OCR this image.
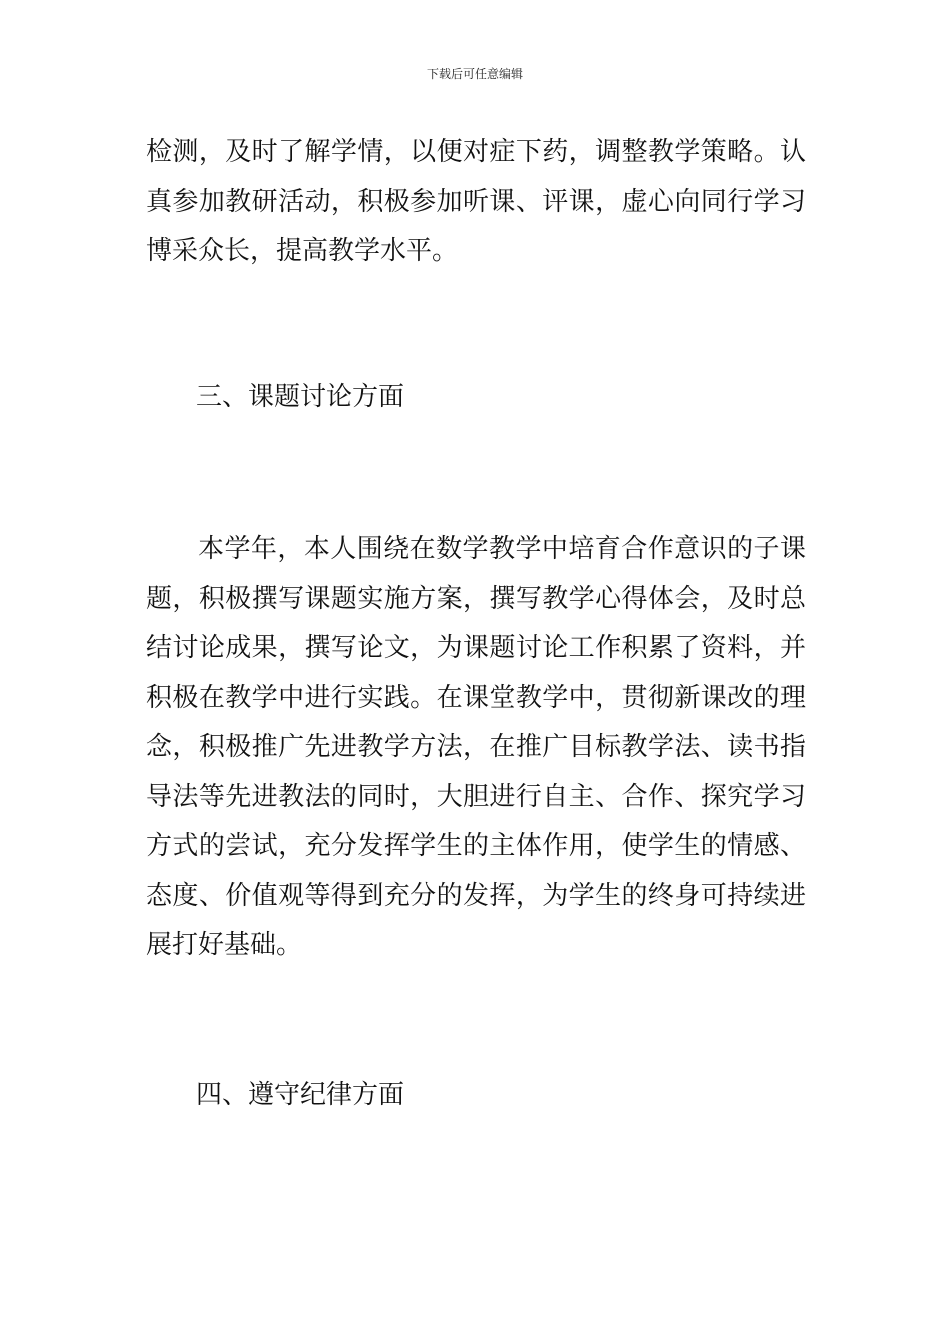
下载后可任意编辑
检测，及时了解学情，以便对症下药，调整教学策略。认真参加教研活动，积极参加听课、评课，虚心向同行学习博采众长，提高教学水平。
三、课题讨论方面
本学年，本人围绕在数学教学中培育合作意识的子课题，积极撰写课题实施方案，撰写教学心得体会，及时总结讨论成果，撰写论文，为课题讨论工作积累了资料，并积极在教学中进行实践。在课堂教学中，贯彻新课改的理念，积极推广先进教学方法，在推广目标教学法、读书指导法等先进教法的同时，大胆进行自主、合作、探究学习方式的尝试，充分发挥学生的主体作用，使学生的情感、态度、价值观等得到充分的发挥，为学生的终身可持续进展打好基础。
四、遵守纪律方面
